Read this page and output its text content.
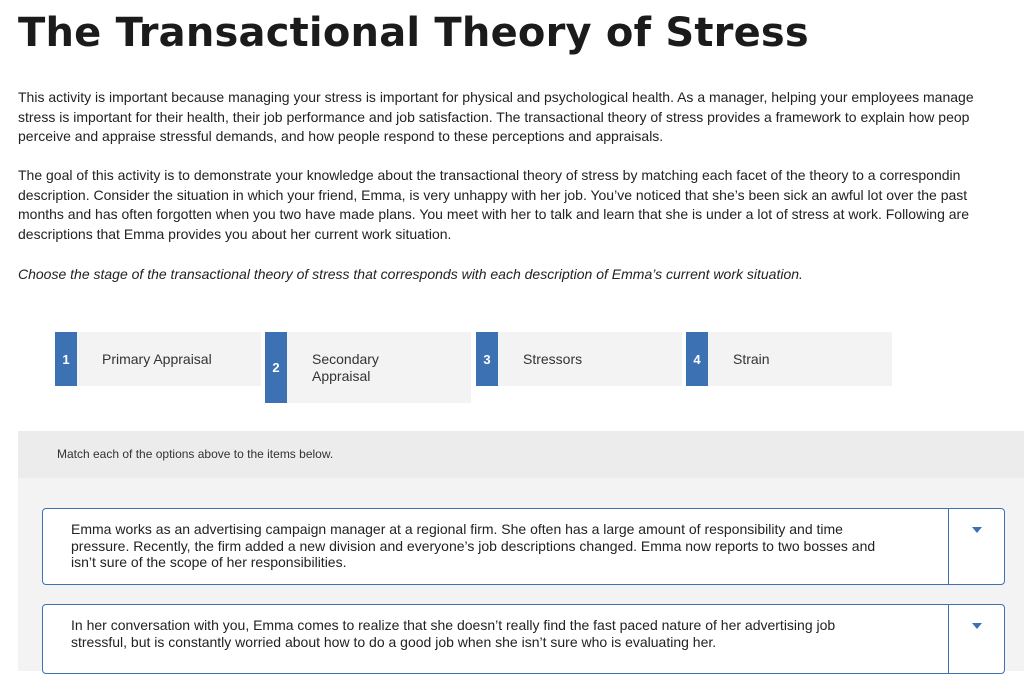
The Transactional Theory of Stress

This activity is important because managing your stress is important for physical and psychological health. As a manager, helping your employees manage
stress is important for their health, their job performance and job satisfaction. The transactional theory of stress provides a framework to explain how peop
perceive and appraise stressful demands, and how people respond to these perceptions and appraisals.

The goal of this activity is to demonstrate your knowledge about the transactional theory of stress by matching each facet of the theory to a correspondin
description. Consider the situation in which your friend, Emma, is very unhappy with her job. You’ve noticed that she’s been sick an awful lot over the past
months and has often forgotten when you two have made plans. You meet with her to talk and learn that she is under a lot of stress at work. Following are
descriptions that Emma provides you about her current work situation.

Choose the stage of the transactional theory of stress that corresponds with each description of Emma’s current work situation.

1	Primary Appraisal
2
Secondary Appraisal
3	Stressors	4	Strain
Match each of the options above to the items below.
Emma works as an advertising campaign manager at a regional firm. She often has a large amount of responsibility and time
pressure. Recently, the firm added a new division and everyone’s job descriptions changed. Emma now reports to two bosses and
isn’t sure of the scope of her responsibilities.
In her conversation with you, Emma comes to realize that she doesn’t really find the fast paced nature of her advertising job
stressful, but is constantly worried about how to do a good job when she isn’t sure who is evaluating her.
